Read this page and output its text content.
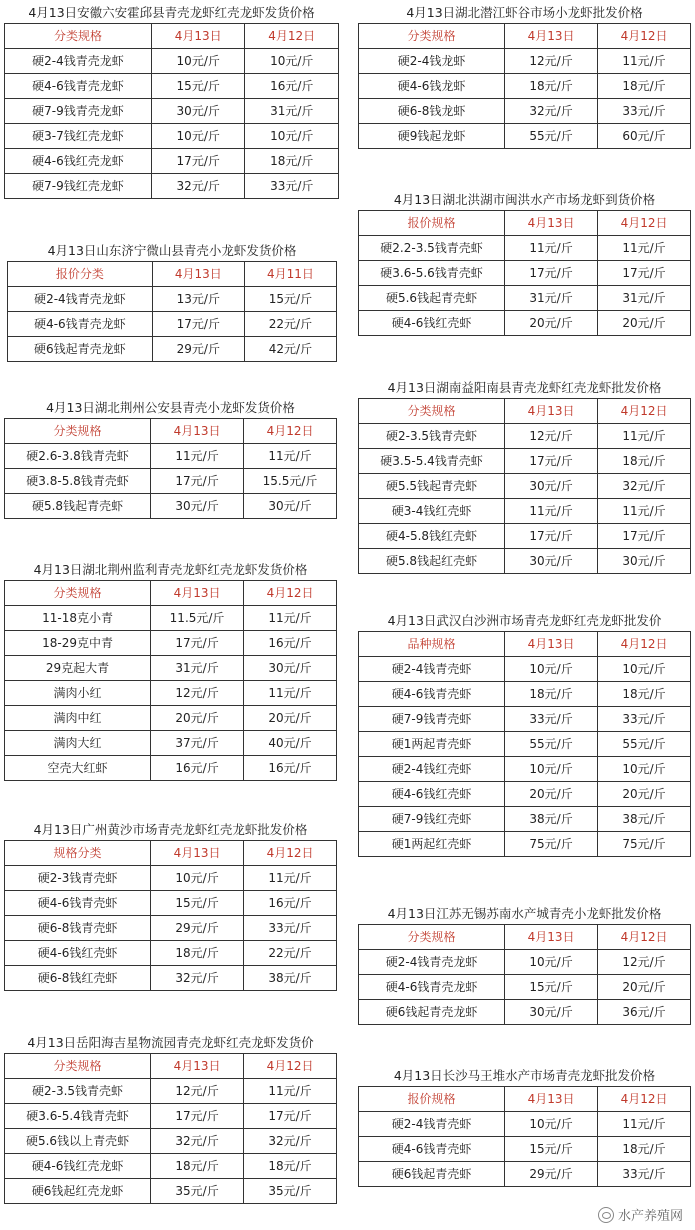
4月13日安徽六安霍邱县青壳龙虾红壳龙虾发货价格
分类规格	4月13日	4月12日
硬2-4钱青壳龙虾	10元/斤	10元/斤
硬4-6钱青壳龙虾	15元/斤	16元/斤
硬7-9钱青壳龙虾	30元/斤	31元/斤
硬3-7钱红壳龙虾	10元/斤	10元/斤
硬4-6钱红壳龙虾	17元/斤	18元/斤
硬7-9钱红壳龙虾	32元/斤	33元/斤
4月13日山东济宁微山县青壳小龙虾发货价格
报价分类	4月13日	4月11日
硬2-4钱青壳龙虾	13元/斤	15元/斤
硬4-6钱青壳龙虾	17元/斤	22元/斤
硬6钱起青壳龙虾	29元/斤	42元/斤
4月13日湖北荆州公安县青壳小龙虾发货价格
分类规格	4月13日	4月12日
硬2.6-3.8钱青壳虾	11元/斤	11元/斤
硬3.8-5.8钱青壳虾	17元/斤	15.5元/斤
硬5.8钱起青壳虾	30元/斤	30元/斤
4月13日湖北荆州监利青壳龙虾红壳龙虾发货价格
分类规格	4月13日	4月12日
11-18克小青	11.5元/斤	11元/斤
18-29克中青	17元/斤	16元/斤
29克起大青	31元/斤	30元/斤
满肉小红	12元/斤	11元/斤
满肉中红	20元/斤	20元/斤
满肉大红	37元/斤	40元/斤
空壳大红虾	16元/斤	16元/斤
4月13日广州黄沙市场青壳龙虾红壳龙虾批发价格
规格分类	4月13日	4月12日
硬2-3钱青壳虾	10元/斤	11元/斤
硬4-6钱青壳虾	15元/斤	16元/斤
硬6-8钱青壳虾	29元/斤	33元/斤
硬4-6钱红壳虾	18元/斤	22元/斤
硬6-8钱红壳虾	32元/斤	38元/斤
4月13日岳阳海吉星物流园青壳龙虾红壳龙虾发货价
分类规格	4月13日	4月12日
硬2-3.5钱青壳虾	12元/斤	11元/斤
硬3.6-5.4钱青壳虾	17元/斤	17元/斤
硬5.6钱以上青壳虾	32元/斤	32元/斤
硬4-6钱红壳龙虾	18元/斤	18元/斤
硬6钱起红壳龙虾	35元/斤	35元/斤
4月13日湖北潜江虾谷市场小龙虾批发价格
分类规格	4月13日	4月12日
硬2-4钱龙虾	12元/斤	11元/斤
硬4-6钱龙虾	18元/斤	18元/斤
硬6-8钱龙虾	32元/斤	33元/斤
硬9钱起龙虾	55元/斤	60元/斤
4月13日湖北洪湖市闽洪水产市场龙虾到货价格
报价规格	4月13日	4月12日
硬2.2-3.5钱青壳虾	11元/斤	11元/斤
硬3.6-5.6钱青壳虾	17元/斤	17元/斤
硬5.6钱起青壳虾	31元/斤	31元/斤
硬4-6钱红壳虾	20元/斤	20元/斤
4月13日湖南益阳南县青壳龙虾红壳龙虾批发价格
分类规格	4月13日	4月12日
硬2-3.5钱青壳虾	12元/斤	11元/斤
硬3.5-5.4钱青壳虾	17元/斤	18元/斤
硬5.5钱起青壳虾	30元/斤	32元/斤
硬3-4钱红壳虾	11元/斤	11元/斤
硬4-5.8钱红壳虾	17元/斤	17元/斤
硬5.8钱起红壳虾	30元/斤	30元/斤
4月13日武汉白沙洲市场青壳龙虾红壳龙虾批发价
品种规格	4月13日	4月12日
硬2-4钱青壳虾	10元/斤	10元/斤
硬4-6钱青壳虾	18元/斤	18元/斤
硬7-9钱青壳虾	33元/斤	33元/斤
硬1两起青壳虾	55元/斤	55元/斤
硬2-4钱红壳虾	10元/斤	10元/斤
硬4-6钱红壳虾	20元/斤	20元/斤
硬7-9钱红壳虾	38元/斤	38元/斤
硬1两起红壳虾	75元/斤	75元/斤
4月13日江苏无锡苏南水产城青壳小龙虾批发价格
分类规格	4月13日	4月12日
硬2-4钱青壳龙虾	10元/斤	12元/斤
硬4-6钱青壳龙虾	15元/斤	20元/斤
硬6钱起青壳龙虾	30元/斤	36元/斤
4月13日长沙马王堆水产市场青壳龙虾批发价格
报价规格	4月13日	4月12日
硬2-4钱青壳虾	10元/斤	11元/斤
硬4-6钱青壳虾	15元/斤	18元/斤
硬6钱起青壳虾	29元/斤	33元/斤
水产养殖网
